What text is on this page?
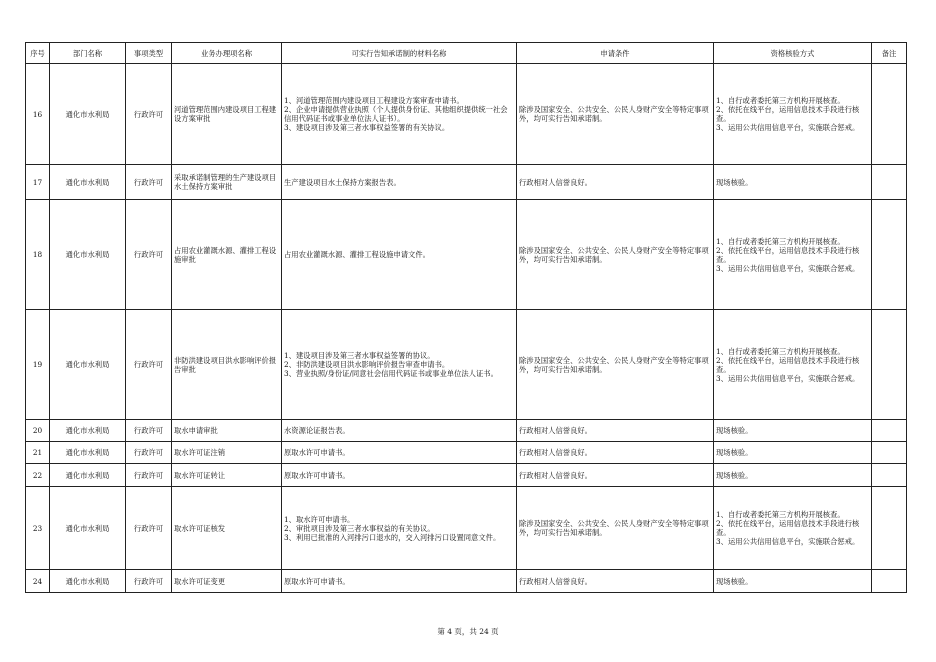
序号	部门名称	事项类型	业务办理项名称	可实行告知承诺制的材料名称	申请条件	资格核验方式	备注
16	通化市水利局	行政许可	河道管理范围内建设项目工程建设方案审批	1、河道管理范围内建设项目工程建设方案审查申请书。
2、企业申请提供营业执照（个人提供身份证、其他组织提供统一社会信用代码证书或事业单位法人证书）。
3、建设项目涉及第三者水事权益签署的有关协议。	除涉及国家安全、公共安全、公民人身财产安全等特定事项外，均可实行告知承诺制。	1、自行或者委托第三方机构开展核查。
2、依托在线平台，运用信息技术手段进行核查。
3、运用公共信用信息平台，实施联合惩戒。	
17	通化市水利局	行政许可	采取承诺制管理的生产建设项目水土保持方案审批	生产建设项目水土保持方案报告表。	行政相对人信誉良好。	现场核验。	
18	通化市水利局	行政许可	占用农业灌溉水源、灌排工程设施审批	占用农业灌溉水源、灌排工程设施申请文件。	除涉及国家安全、公共安全、公民人身财产安全等特定事项外，均可实行告知承诺制。	1、自行或者委托第三方机构开展核查。
2、依托在线平台，运用信息技术手段进行核查。
3、运用公共信用信息平台，实施联合惩戒。	
19	通化市水利局	行政许可	非防洪建设项目洪水影响评价报告审批	1、建设项目涉及第三者水事权益签署的协议。
2、非防洪建设项目洪水影响评价报告审查申请书。
3、营业执照/身份证/同意社会信用代码证书或事业单位法人证书。	除涉及国家安全、公共安全、公民人身财产安全等特定事项外，均可实行告知承诺制。	1、自行或者委托第三方机构开展核查。
2、依托在线平台，运用信息技术手段进行核查。
3、运用公共信用信息平台，实施联合惩戒。	
20	通化市水利局	行政许可	取水申请审批	水资源论证报告表。	行政相对人信誉良好。	现场核验。	
21	通化市水利局	行政许可	取水许可证注销	原取水许可申请书。	行政相对人信誉良好。	现场核验。	
22	通化市水利局	行政许可	取水许可证转让	原取水许可申请书。	行政相对人信誉良好。	现场核验。	
23	通化市水利局	行政许可	取水许可证核发	1、取水许可申请书。
2、审批项目涉及第三者水事权益的有关协议。
3、利用已批准的入河排污口退水的，交入河排污口设置同意文件。	除涉及国家安全、公共安全、公民人身财产安全等特定事项外，均可实行告知承诺制。	1、自行或者委托第三方机构开展核查。
2、依托在线平台，运用信息技术手段进行核查。
3、运用公共信用信息平台，实施联合惩戒。	
24	通化市水利局	行政许可	取水许可证变更	原取水许可申请书。	行政相对人信誉良好。	现场核验。	
第 4 页，共 24 页
